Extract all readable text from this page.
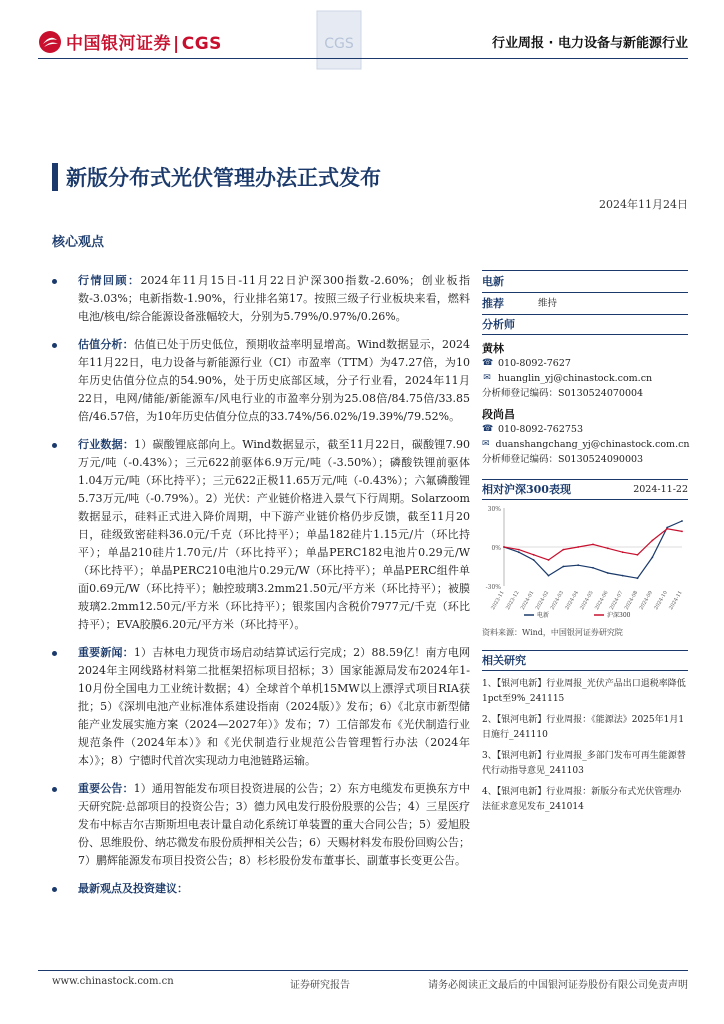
中国银河证券 | CGS	CGS	行业周报 · 电力设备与新能源行业
新版分布式光伏管理办法正式发布
2024年11月24日
核心观点
行情回顾：2024年11月15日-11月22日沪深300指数-2.60%；创业板指数-3.03%；电新指数-1.90%，行业排名第17。按照三级子行业板块来看，燃料电池/核电/综合能源设备涨幅较大，分别为5.79%/0.97%/0.26%。
估值分析：估值已处于历史低位，预期收益率明显增高。Wind数据显示，2024年11月22日，电力设备与新能源行业（CI）市盈率（TTM）为47.27倍，为10年历史估值分位点的54.90%，处于历史底部区域，分子行业看，2024年11月22日，电网/储能/新能源车/风电行业的市盈率分别为25.08倍/84.75倍/33.85倍/46.57倍，为10年历史估值分位点的33.74%/56.02%/19.39%/79.52%。
行业数据：1）碳酸锂底部向上。Wind数据显示，截至11月22日，碳酸锂7.90万元/吨（-0.43%）；三元622前驱体6.9万元/吨（-3.50%）；磷酸铁锂前驱体1.04万元/吨（环比持平）；三元622正极11.65万元/吨（-0.43%）；六氟磷酸锂5.73万元/吨（-0.79%）。2）光伏：产业链价格进入景气下行周期。Solarzoom数据显示，硅料正式进入降价周期，中下游产业链价格仍步反馈，截至11月20日，硅级致密硅料36.0元/千克（环比持平）；单晶182硅片1.15元/片（环比持平）；单晶210硅片1.70元/片（环比持平）；单晶PERC182电池片0.29元/W（环比持平）；单晶PERC210电池片0.29元/W（环比持平）；单晶PERC组件单面0.69元/W（环比持平）；触控玻璃3.2mm21.50元/平方米（环比持平）；被膜玻璃2.2mm12.50元/平方米（环比持平）；银浆国内含税价7977元/千克（环比持平）；EVA胶膜6.20元/平方米（环比持平）。
重要新闻：1）吉林电力现货市场启动结算试运行完成；2）88.59亿！南方电网2024年主网线路材料第二批框架招标项目招标；3）国家能源局发布2024年1-10月份全国电力工业统计数据；4）全球首个单机15MW以上漂浮式项目RIA获批；5）《深圳电池产业标准体系建设指南（2024版）》发布；6）《北京市新型储能产业发展实施方案（2024—2027年）》发布；7）工信部发布《光伏制造行业规范条件（2024年本）》和《光伏制造行业规范公告管理暂行办法（2024年本）》；8）宁德时代首次实现动力电池链路运输。
重要公告：1）通用智能发布项目投资进展的公告；2）东方电缆发布更换东方中天研究院·总部项目的投资公告；3）德力风电发行股份股票的公告；4）三星医疗发布中标吉尔吉斯斯坦电表计量自动化系统订单装置的重大合同公告；5）爱旭股份、思维股份、纳芯微发布股份质押相关公告；6）天赐材料发布股份回购公告；7）鹏辉能源发布项目投资公告；8）杉杉股份发布董事长、副董事长变更公告。
最新观点及投资建议：
电新
推荐	维持
分析师
黄林
☎ 010-8092-7627
✉ huanglin_yj@chinastock.com.cn
分析师登记编码：S0130524070004
段尚昌
☎ 010-8092-762753
✉ duanshangchang_yj@chinastock.com.cn
分析师登记编码：S0130524090003
相对沪深300表现	2024-11-22
-30%
0%
30%
2023-11 2023-12 2024-01 2024-02 2024-03 2024-04 2024-05 2024-06 2024-07 2024-08 2024-09 2024-10 2024-11
电新	沪深300
资料来源：Wind，中国银河证券研究院
相关研究
1、【银河电新】行业周报_光伏产品出口退税率降低1pct至9%_241115
2、【银河电新】行业周报：《能源法》2025年1月1日施行_241110
3、【银河电新】行业周报_多部门发布可再生能源替代行动指导意见_241103
4、【银河电新】行业周报：新版分布式光伏管理办法征求意见发布_241014
www.chinastock.com.cn	证券研究报告	请务必阅读正文最后的中国银河证券股份有限公司免责声明
